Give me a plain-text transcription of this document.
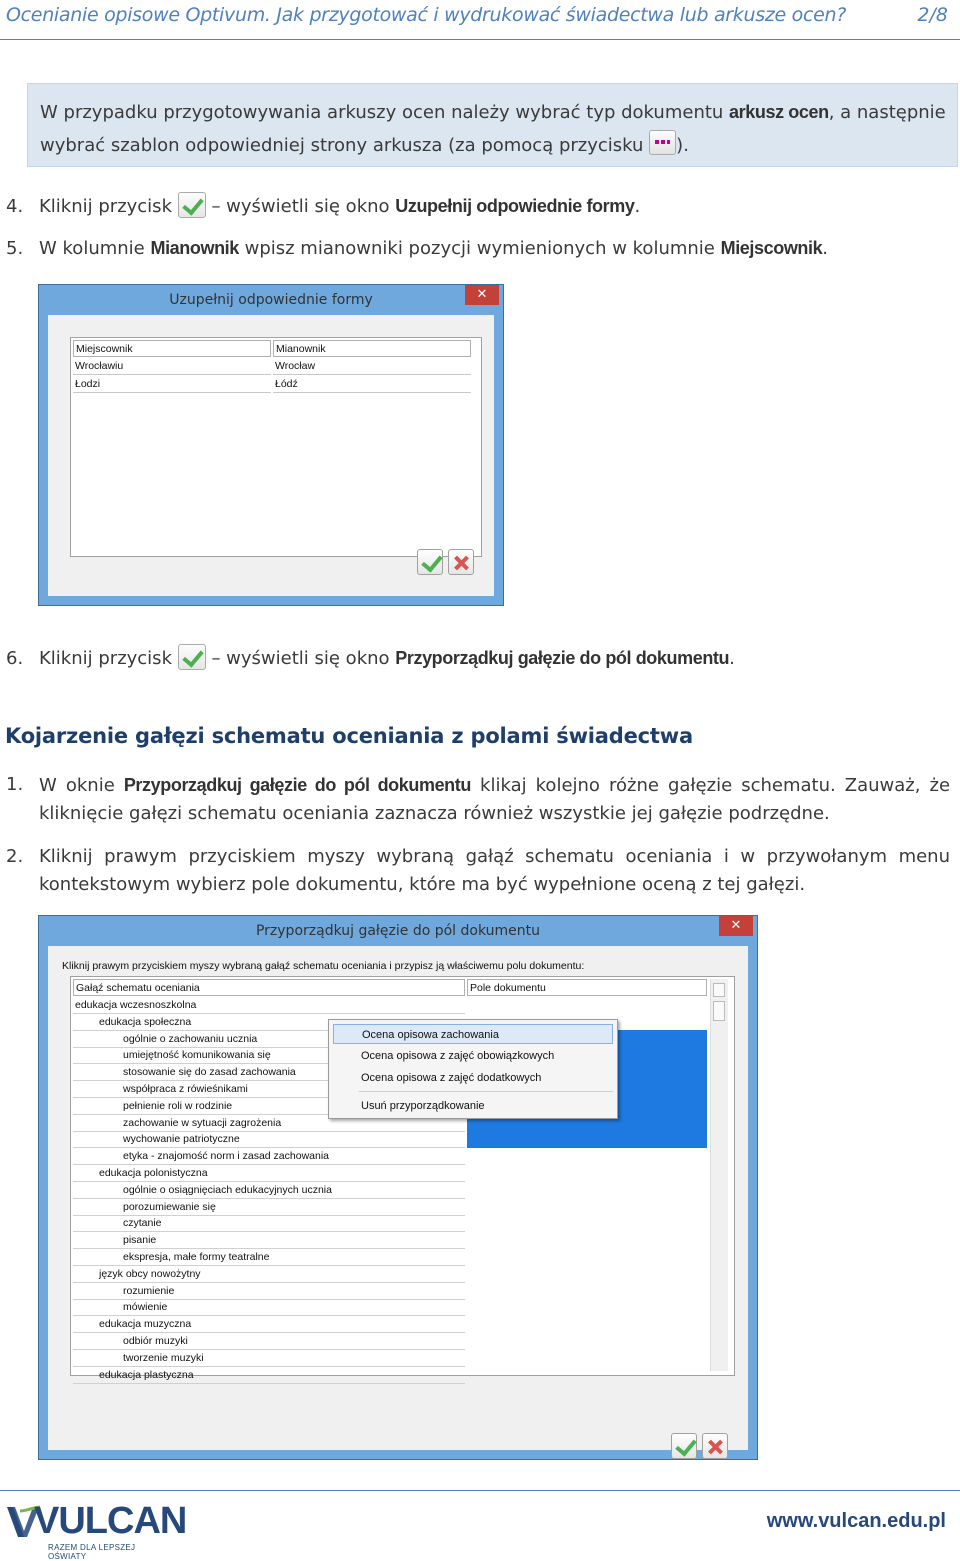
Ocenianie opisowe Optivum. Jak przygotować i wydrukować świadectwa lub arkusze ocen?	2/8
W przypadku przygotowywania arkuszy ocen należy wybrać typ dokumentu arkusz ocen, a następnie wybrać szablon odpowiedniej strony arkusza (za pomocą przycisku ).
4. Kliknij przycisk  – wyświetli się okno Uzupełnij odpowiednie formy.
5. W kolumnie Mianownik wpisz mianowniki pozycji wymienionych w kolumnie Miejscownik.
Uzupełnij odpowiednie formy	✕
Miejscownik	Mianownik
Wrocławiu	Wrocław
Łodzi	Łódź
6. Kliknij przycisk  – wyświetli się okno Przyporządkuj gałęzie do pól dokumentu.
Kojarzenie gałęzi schematu oceniania z polami świadectwa
1. W oknie Przyporządkuj gałęzie do pól dokumentu klikaj kolejno różne gałęzie schematu. Zauważ, że kliknięcie gałęzi schematu oceniania zaznacza również wszystkie jej gałęzie podrzędne.
2. Kliknij prawym przyciskiem myszy wybraną gałąź schematu oceniania i w przywołanym menu kontekstowym wybierz pole dokumentu, które ma być wypełnione oceną z tej gałęzi.
Przyporządkuj gałęzie do pól dokumentu	✕
Kliknij prawym przyciskiem myszy wybraną gałąź schematu oceniania i przypisz ją właściwemu polu dokumentu:
Gałąź schematu oceniania	Pole dokumentu
edukacja wczesnoszkolna
edukacja społeczna
ogólnie o zachowaniu ucznia
umiejętność komunikowania się
stosowanie się do zasad zachowania
współpraca z rówieśnikami
pełnienie roli w rodzinie
zachowanie w sytuacji zagrożenia
wychowanie patriotyczne
etyka - znajomość norm i zasad zachowania
edukacja polonistyczna
ogólnie o osiągnięciach edukacyjnych ucznia
porozumiewanie się
czytanie
pisanie
ekspresja, małe formy teatralne
język obcy nowożytny
rozumienie
mówienie
edukacja muzyczna
odbiór muzyki
tworzenie muzyki
edukacja plastyczna
Ocena opisowa zachowania
Ocena opisowa z zajęć obowiązkowych
Ocena opisowa z zajęć dodatkowych
Usuń przyporządkowanie
VULCAN
RAZEM DLA LEPSZEJ OŚWIATY
www.vulcan.edu.pl
